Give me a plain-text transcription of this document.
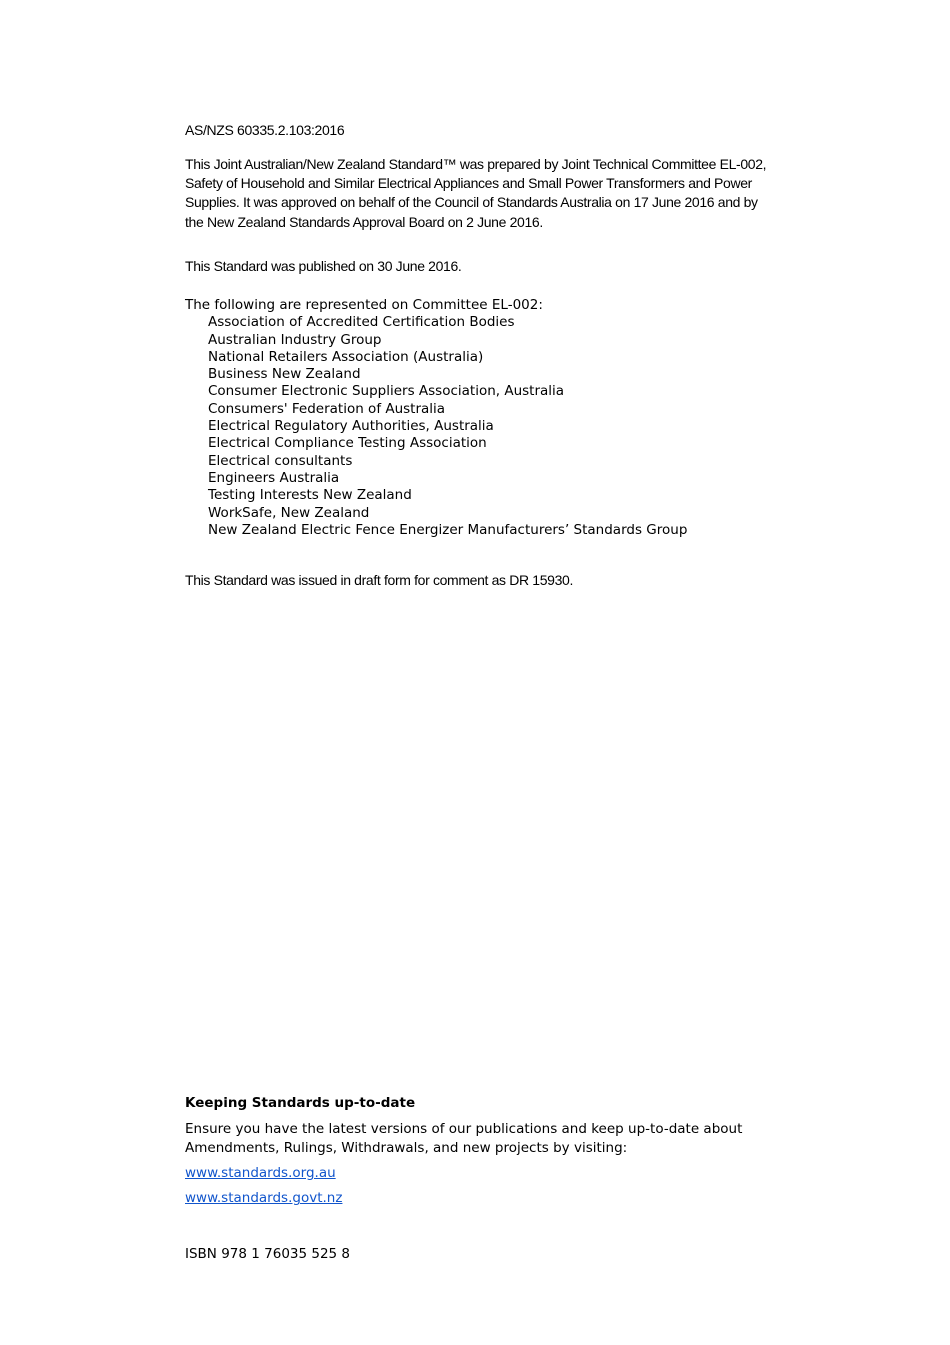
AS/NZS 60335.2.103:2016

This Joint Australian/New Zealand Standard™ was prepared by Joint Technical Committee EL-002, Safety of Household and Similar Electrical Appliances and Small Power Transformers and Power Supplies. It was approved on behalf of the Council of Standards Australia on 17 June 2016 and by the New Zealand Standards Approval Board on 2 June 2016.

This Standard was published on 30 June 2016.
The following are represented on Committee EL-002:
Association of Accredited Certification Bodies
Australian Industry Group
National Retailers Association (Australia)
Business New Zealand
Consumer Electronic Suppliers Association, Australia
Consumers' Federation of Australia
Electrical Regulatory Authorities, Australia
Electrical Compliance Testing Association
Electrical consultants
Engineers Australia
Testing Interests New Zealand
WorkSafe, New Zealand
New Zealand Electric Fence Energizer Manufacturers’ Standards Group
This Standard was issued in draft form for comment as DR 15930.
Keeping Standards up-to-date
Ensure you have the latest versions of our publications and keep up-to-date about Amendments, Rulings, Withdrawals, and new projects by visiting:
www.standards.org.au
www.standards.govt.nz
ISBN 978 1 76035 525 8
